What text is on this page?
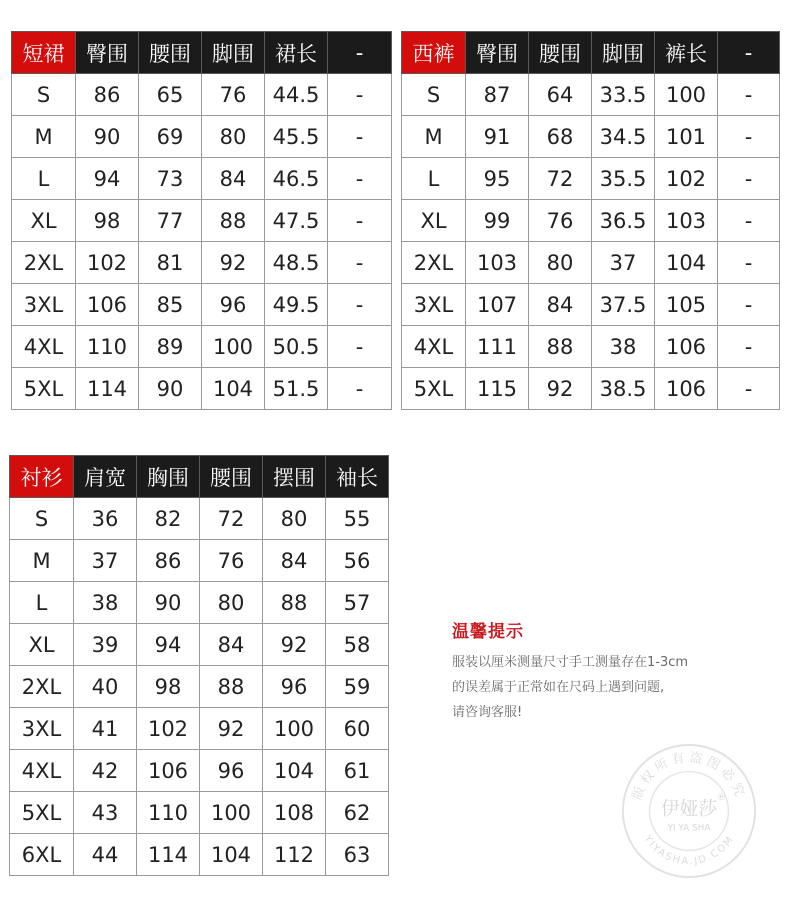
短裙	臀围	腰围	脚围	裙长	-
S	86	65	76	44.5	-
M	90	69	80	45.5	-
L	94	73	84	46.5	-
XL	98	77	88	47.5	-
2XL	102	81	92	48.5	-
3XL	106	85	96	49.5	-
4XL	110	89	100	50.5	-
5XL	114	90	104	51.5	-
西裤	臀围	腰围	脚围	裤长	-
S	87	64	33.5	100	-
M	91	68	34.5	101	-
L	95	72	35.5	102	-
XL	99	76	36.5	103	-
2XL	103	80	37	104	-
3XL	107	84	37.5	105	-
4XL	111	88	38	106	-
5XL	115	92	38.5	106	-
衬衫	肩宽	胸围	腰围	摆围	袖长
S	36	82	72	80	55
M	37	86	76	84	56
L	38	90	80	88	57
XL	39	94	84	92	58
2XL	40	98	88	96	59
3XL	41	102	92	100	60
4XL	42	106	96	104	61
5XL	43	110	100	108	62
6XL	44	114	104	112	63
温馨提示
服装以厘米测量尺寸手工测量存在1-3cm
的误差属于正常如在尺码上遇到问题,
请咨询客服!
版权所有盗图必究
YIYASHA.JD.COM
伊娅莎
YI YA SHA
®
